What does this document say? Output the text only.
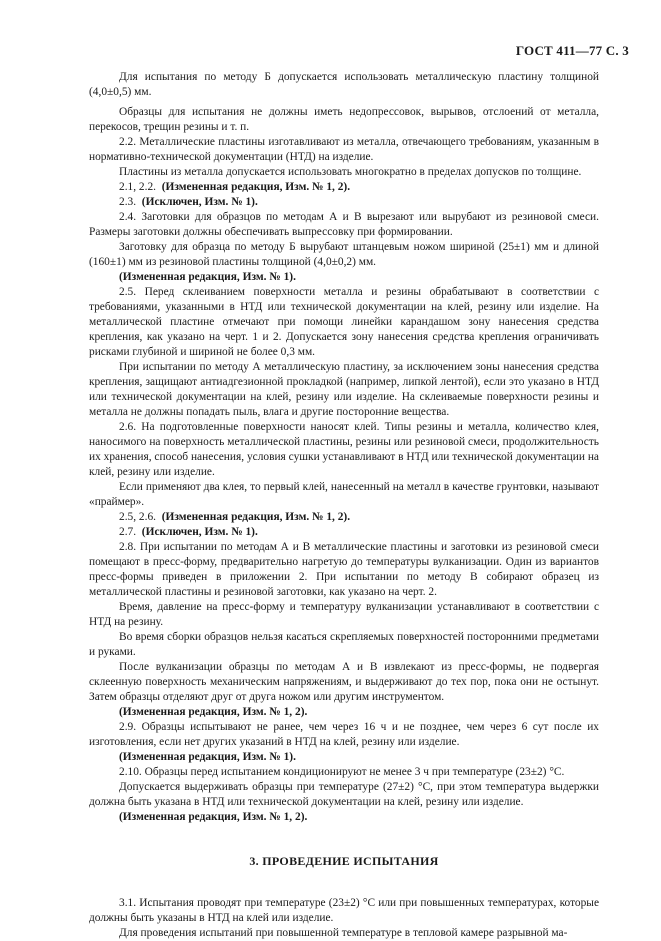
ГОСТ 411—77 С. 3

Для испытания по методу Б допускается использовать металлическую пластину толщиной (4,0±0,5) мм.

Образцы для испытания не должны иметь недопрессовок, вырывов, отслоений от металла, перекосов, трещин резины и т. п.

2.2. Металлические пластины изготавливают из металла, отвечающего требованиям, указанным в нормативно-технической документации (НТД) на изделие.

Пластины из металла допускается использовать многократно в пределах допусков по толщине.

2.1, 2.2. (Измененная редакция, Изм. № 1, 2).

2.3. (Исключен, Изм. № 1).

2.4. Заготовки для образцов по методам А и В вырезают или вырубают из резиновой смеси. Размеры заготовки должны обеспечивать выпрессовку при формировании.

Заготовку для образца по методу Б вырубают штанцевым ножом шириной (25±1) мм и длиной (160±1) мм из резиновой пластины толщиной (4,0±0,2) мм.

(Измененная редакция, Изм. № 1).

2.5. Перед склеиванием поверхности металла и резины обрабатывают в соответствии с требованиями, указанными в НТД или технической документации на клей, резину или изделие. На металлической пластине отмечают при помощи линейки карандашом зону нанесения средства крепления, как указано на черт. 1 и 2. Допускается зону нанесения средства крепления ограничивать рисками глубиной и шириной не более 0,3 мм.

При испытании по методу А металлическую пластину, за исключением зоны нанесения средства крепления, защищают антиадгезионной прокладкой (например, липкой лентой), если это указано в НТД или технической документации на клей, резину или изделие. На склеиваемые поверхности резины и металла не должны попадать пыль, влага и другие посторонние вещества.

2.6. На подготовленные поверхности наносят клей. Типы резины и металла, количество клея, наносимого на поверхность металлической пластины, резины или резиновой смеси, продолжительность их хранения, способ нанесения, условия сушки устанавливают в НТД или технической документации на клей, резину или изделие.

Если применяют два клея, то первый клей, нанесенный на металл в качестве грунтовки, называют «праймер».

2.5, 2.6. (Измененная редакция, Изм. № 1, 2).

2.7. (Исключен, Изм. № 1).

2.8. При испытании по методам А и В металлические пластины и заготовки из резиновой смеси помещают в пресс-форму, предварительно нагретую до температуры вулканизации. Один из вариантов пресс-формы приведен в приложении 2. При испытании по методу В собирают образец из металлической пластины и резиновой заготовки, как указано на черт. 2.

Время, давление на пресс-форму и температуру вулканизации устанавливают в соответствии с НТД на резину.

Во время сборки образцов нельзя касаться скрепляемых поверхностей посторонними предметами и руками.

После вулканизации образцы по методам А и В извлекают из пресс-формы, не подвергая склеенную поверхность механическим напряжениям, и выдерживают до тех пор, пока они не остынут. Затем образцы отделяют друг от друга ножом или другим инструментом.

(Измененная редакция, Изм. № 1, 2).

2.9. Образцы испытывают не ранее, чем через 16 ч и не позднее, чем через 6 сут после их изготовления, если нет других указаний в НТД на клей, резину или изделие.

(Измененная редакция, Изм. № 1).

2.10. Образцы перед испытанием кондиционируют не менее 3 ч при температуре (23±2) °С.

Допускается выдерживать образцы при температуре (27±2) °С, при этом температура выдержки должна быть указана в НТД или технической документации на клей, резину или изделие.

(Измененная редакция, Изм. № 1, 2).

3. ПРОВЕДЕНИЕ ИСПЫТАНИЯ

3.1. Испытания проводят при температуре (23±2) °С или при повышенных температурах, которые должны быть указаны в НТД на клей или изделие.

Для проведения испытаний при повышенной температуре в тепловой камере разрывной ма-
